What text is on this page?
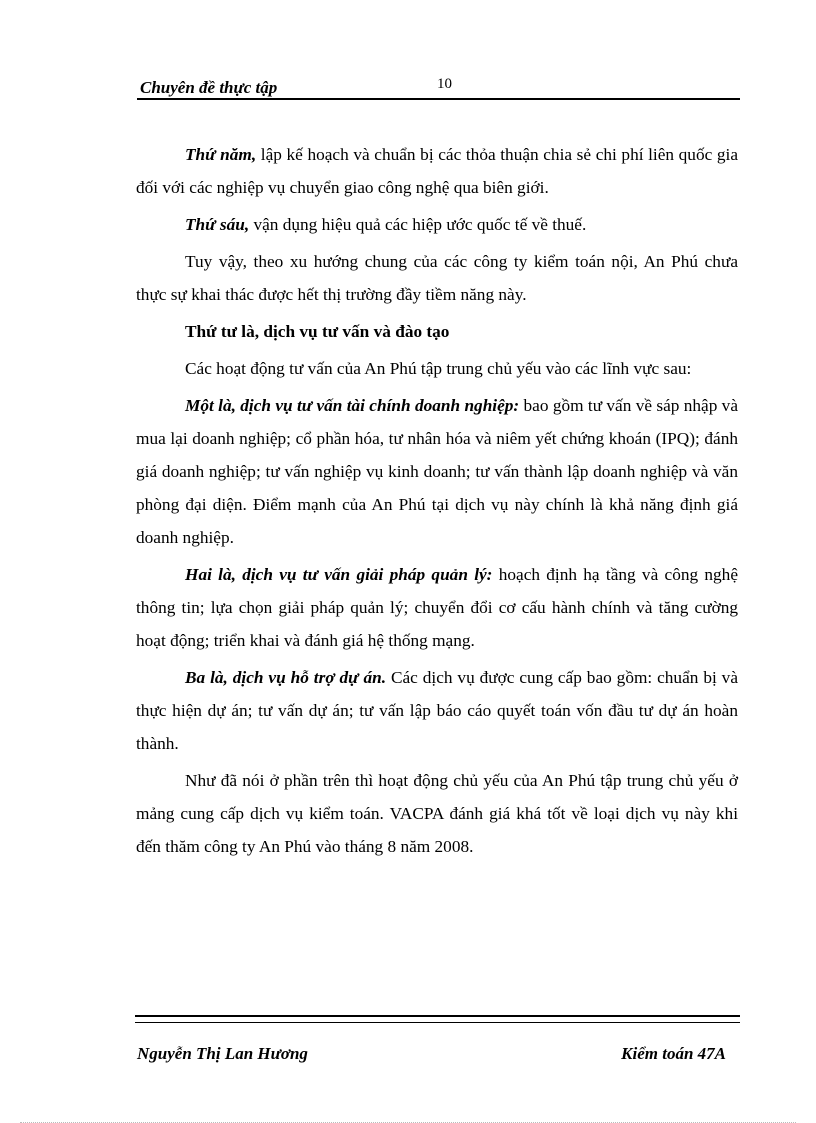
Chuyên đề thực tập	10

Thứ năm, lập kế hoạch và chuẩn bị các thỏa thuận chia sẻ chi phí liên quốc gia đối với các nghiệp vụ chuyển giao công nghệ qua biên giới.

Thứ sáu, vận dụng hiệu quả các hiệp ước quốc tế về thuế.

Tuy vậy, theo xu hướng chung của các công ty kiểm toán nội, An Phú chưa thực sự khai thác được hết thị trường đầy tiềm năng này.

Thứ tư là, dịch vụ tư vấn và đào tạo

Các hoạt động tư vấn của An Phú tập trung chủ yếu vào các lĩnh vực sau:

Một là, dịch vụ tư vấn tài chính doanh nghiệp: bao gồm tư vấn về sáp nhập và mua lại doanh nghiệp; cổ phần hóa, tư nhân hóa và niêm yết chứng khoán (IPQ); đánh giá doanh nghiệp; tư vấn nghiệp vụ kinh doanh; tư vấn thành lập doanh nghiệp và văn phòng đại diện. Điểm mạnh của An Phú tại dịch vụ này chính là khả năng định giá doanh nghiệp.

Hai là, dịch vụ tư vấn giải pháp quản lý: hoạch định hạ tầng và công nghệ thông tin; lựa chọn giải pháp quản lý; chuyển đổi cơ cấu hành chính và tăng cường hoạt động; triển khai và đánh giá hệ thống mạng.

Ba là, dịch vụ hỗ trợ dự án. Các dịch vụ được cung cấp bao gồm: chuẩn bị và thực hiện dự án; tư vấn dự án; tư vấn lập báo cáo quyết toán vốn đầu tư dự án hoàn thành.

Như đã nói ở phần trên thì hoạt động chủ yếu của An Phú tập trung chủ yếu ở mảng cung cấp dịch vụ kiểm toán. VACPA đánh giá khá tốt về loại dịch vụ này khi đến thăm công ty An Phú vào tháng 8 năm 2008.

Nguyễn Thị Lan Hương	Kiểm toán 47A
